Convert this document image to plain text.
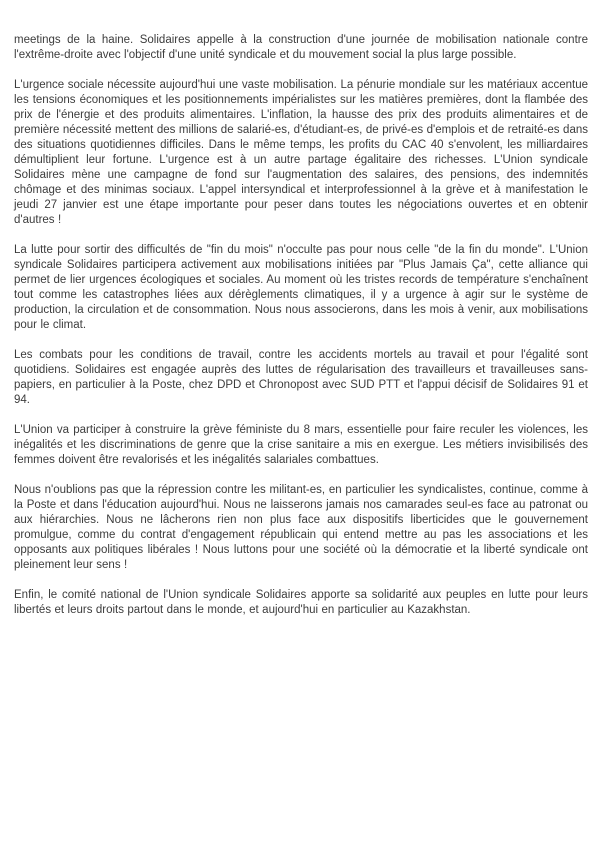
meetings de la haine. Solidaires appelle à la construction d'une journée de mobilisation nationale contre l'extrême-droite avec l'objectif d'une unité syndicale et du mouvement social la plus large possible.

L'urgence sociale nécessite aujourd'hui une vaste mobilisation. La pénurie mondiale sur les matériaux accentue les tensions économiques et les positionnements impérialistes sur les matières premières, dont la flambée des prix de l'énergie et des produits alimentaires. L'inflation, la hausse des prix des produits alimentaires et de première nécessité mettent des millions de salarié-es, d'étudiant-es, de privé-es d'emplois et de retraité-es dans des situations quotidiennes difficiles. Dans le même temps, les profits du CAC 40 s'envolent, les milliardaires démultiplient leur fortune. L'urgence est à un autre partage égalitaire des richesses. L'Union syndicale Solidaires mène une campagne de fond sur l'augmentation des salaires, des pensions, des indemnités chômage et des minimas sociaux. L'appel intersyndical et interprofessionnel à la grève et à manifestation le jeudi 27 janvier est une étape importante pour peser dans toutes les négociations ouvertes et en obtenir d'autres !

La lutte pour sortir des difficultés de "fin du mois" n'occulte pas pour nous celle "de la fin du monde". L'Union syndicale Solidaires participera activement aux mobilisations initiées par "Plus Jamais Ça", cette alliance qui permet de lier urgences écologiques et sociales. Au moment où les tristes records de température s'enchaînent tout comme les catastrophes liées aux dérèglements climatiques, il y a urgence à agir sur le système de production, la circulation et de consommation. Nous nous associerons, dans les mois à venir, aux mobilisations pour le climat.

Les combats pour les conditions de travail, contre les accidents mortels au travail et pour l'égalité sont quotidiens. Solidaires est engagée auprès des luttes de régularisation des travailleurs et travailleuses sans-papiers, en particulier à la Poste, chez DPD et Chronopost avec SUD PTT et l'appui décisif de Solidaires 91 et 94.

L'Union va participer à construire la grève féministe du 8 mars, essentielle pour faire reculer les violences, les inégalités et les discriminations de genre que la crise sanitaire a mis en exergue. Les métiers invisibilisés des femmes doivent être revalorisés et les inégalités salariales combattues.

Nous n'oublions pas que la répression contre les militant-es, en particulier les syndicalistes, continue, comme à la Poste et dans l'éducation aujourd'hui. Nous ne laisserons jamais nos camarades seul-es face au patronat ou aux hiérarchies. Nous ne lâcherons rien non plus face aux dispositifs liberticides que le gouvernement promulgue, comme du contrat d'engagement républicain qui entend mettre au pas les associations et les opposants aux politiques libérales ! Nous luttons pour une société où la démocratie et la liberté syndicale ont pleinement leur sens !

Enfin, le comité national de l'Union syndicale Solidaires apporte sa solidarité aux peuples en lutte pour leurs libertés et leurs droits partout dans le monde, et aujourd'hui en particulier au Kazakhstan.
